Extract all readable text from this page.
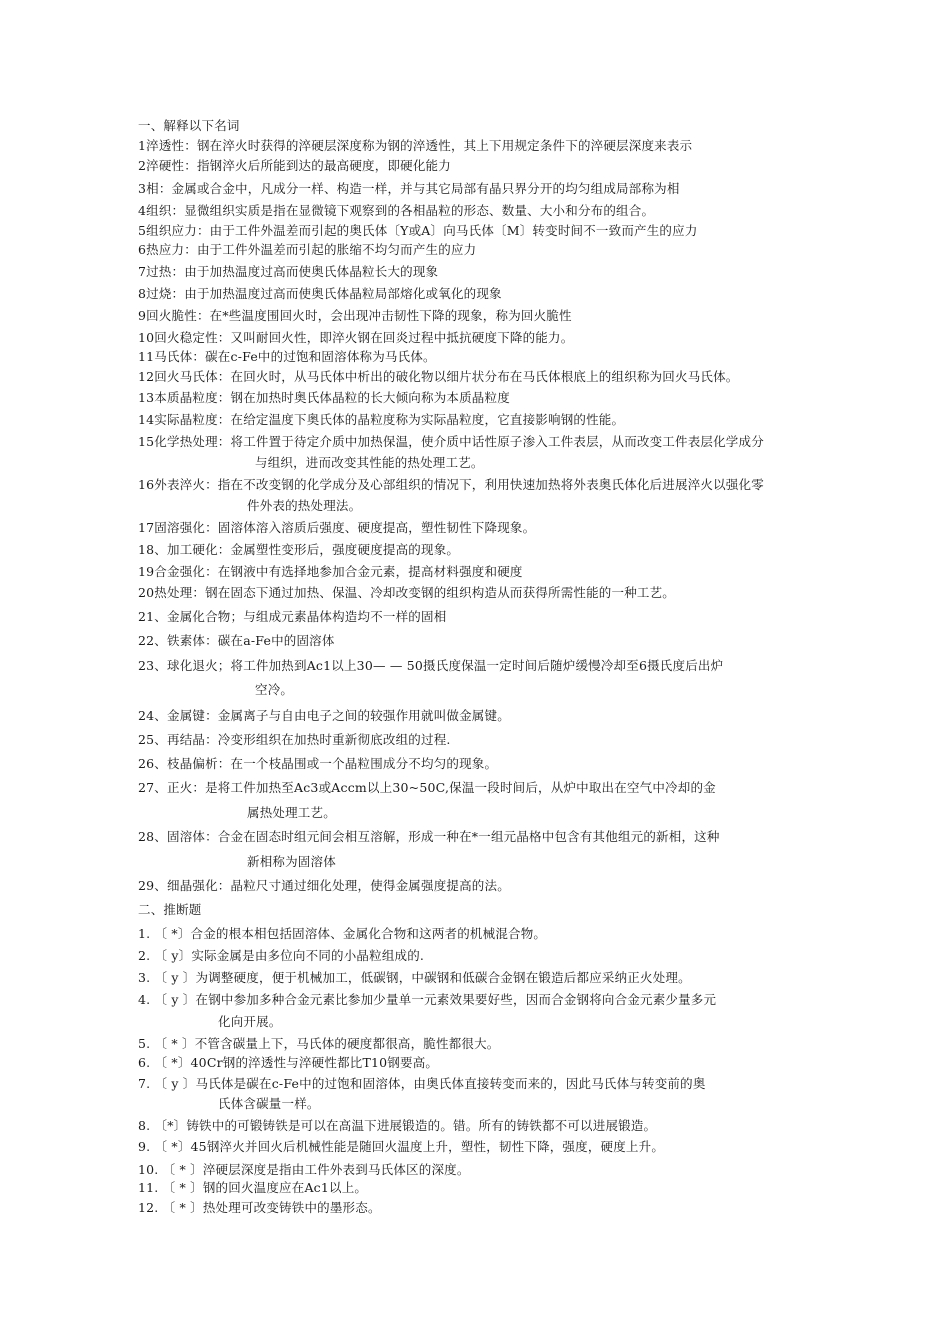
一、解释以下名词
1淬透性：钢在淬火时获得的淬硬层深度称为钢的淬透性，其上下用规定条件下的淬硬层深度来表示
2淬硬性：指钢淬火后所能到达的最高硬度，即硬化能力
3相：金属或合金中，凡成分一样、构造一样，并与其它局部有晶只界分开的均匀组成局部称为相
4组织：显微组织实质是指在显微镜下观察到的各相晶粒的形态、数量、大小和分布的组合。
5组织应力：由于工件外温差而引起的奥氏体〔Y或A〕向马氏体〔M〕转变时间不一致而产生的应力
6热应力：由于工件外温差而引起的胀缩不均匀而产生的应力
7过热：由于加热温度过高而使奥氏体晶粒长大的现象
8过烧：由于加热温度过高而使奥氏体晶粒局部熔化或氧化的现象
9回火脆性：在*些温度围回火时，会出现冲击韧性下降的现象，称为回火脆性
10回火稳定性：又叫耐回火性，即淬火钢在回炎过程中抵抗硬度下降的能力。
11马氏体：碳在c-Fe中的过饱和固溶体称为马氏体。
12回火马氏体：在回火时，从马氏体中析出的破化物以细片状分布在马氏体根底上的组织称为回火马氏体。
13本质晶粒度：钢在加热时奥氏体晶粒的长大倾向称为本质晶粒度
14实际晶粒度：在给定温度下奥氏体的晶粒度称为实际晶粒度，它直接影响钢的性能。
15化学热处理：将工件置于待定介质中加热保温，使介质中话性原子渗入工件表层，从而改变工件表层化学成分
与组织，进而改变其性能的热处理工艺。
16外表淬火：指在不改变钢的化学成分及心部组织的情况下，利用快速加热将外表奥氏体化后进展淬火以强化零
件外表的热处理法。
17固溶强化：固溶体溶入溶质后强度、硬度提高，塑性韧性下降现象。
18、加工硬化：金属塑性变形后，强度硬度提高的现象。
19合金强化：在钢液中有选择地参加合金元素，提高材料强度和硬度
20热处理：钢在固态下通过加热、保温、冷却改变钢的组织构造从而获得所需性能的一种工艺。
21、金属化合物；与组成元素晶体构造均不一样的固相
22、铁素体：碳在a-Fe中的固溶体
23、球化退火；将工件加热到Ac1以上30— — 50摄氏度保温一定时间后随炉缓慢冷却至6摄氏度后出炉
空冷。
24、金属键：金属离子与自由电子之间的较强作用就叫做金属键。
25、再结晶：冷变形组织在加热时重新彻底改组的过程.
26、枝晶偏析：在一个枝晶围或一个晶粒围成分不均匀的现象。
27、正火：是将工件加热至Ac3或Accm以上30~50C,保温一段时间后，从炉中取出在空气中冷却的金
属热处理工艺。
28、固溶体：合金在固态时组元间会相互溶解，形成一种在*一组元晶格中包含有其他组元的新相，这种
新相称为固溶体
29、细晶强化：晶粒尺寸通过细化处理，使得金属强度提高的法。
二、推断题
1. 〔 *〕合金的根本相包括固溶体、金属化合物和这两者的机械混合物。
2. 〔 y〕实际金属是由多位向不同的小晶粒组成的.
3. 〔 y 〕为调整硬度，便于机械加工，低碳钢，中碳钢和低碳合金钢在锻造后都应采纳正火处理。
4. 〔 y 〕在钢中参加多种合金元素比参加少量单一元素效果要好些，因而合金钢将向合金元素少量多元
化向开展。
5. 〔 * 〕不管含碳量上下，马氏体的硬度都很高，脆性都很大。
6. 〔 *〕40Cr钢的淬透性与淬硬性都比T10钢要高。
7. 〔 y 〕马氏体是碳在c-Fe中的过饱和固溶体，由奥氏体直接转变而来的，因此马氏体与转变前的奥
氏体含碳量一样。
8. 〔*〕铸铁中的可锻铸铁是可以在高温下进展锻造的。错。所有的铸铁都不可以进展锻造。
9. 〔 *〕45钢淬火并回火后机械性能是随回火温度上升，塑性，韧性下降，强度，硬度上升。
10. 〔 * 〕淬硬层深度是指由工件外表到马氏体区的深度。
11. 〔 * 〕钢的回火温度应在Ac1以上。
12. 〔 * 〕热处理可改变铸铁中的墨形态。
